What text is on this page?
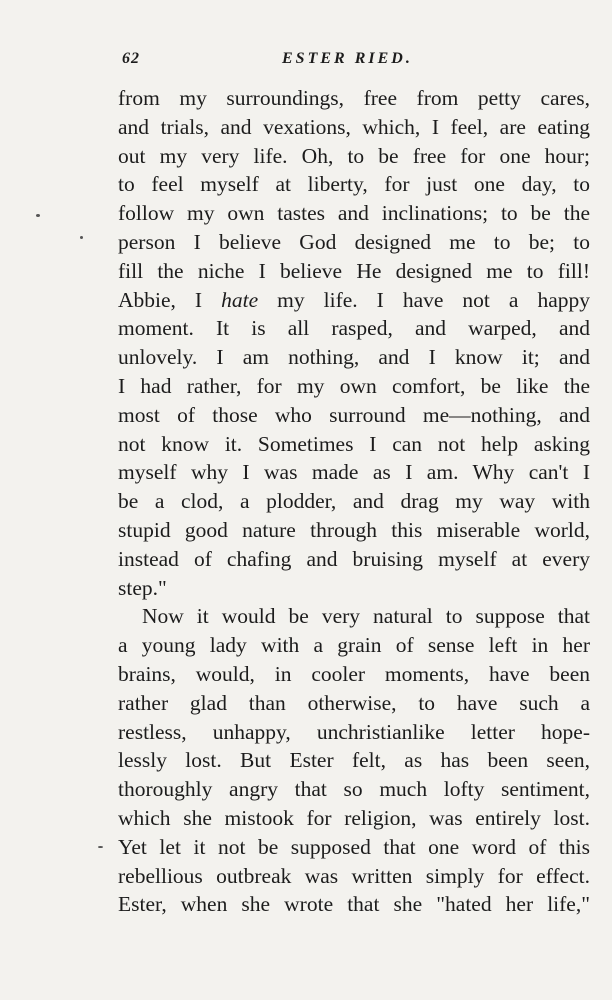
62	ESTER RIED.
from my surroundings, free from petty cares,
and trials, and vexations, which, I feel, are eating
out my very life. Oh, to be free for one hour;
to feel myself at liberty, for just one day, to
follow my own tastes and inclinations; to be the
person I believe God designed me to be; to
fill the niche I believe He designed me to fill!
Abbie, I hate my life. I have not a happy
moment. It is all rasped, and warped, and
unlovely. I am nothing, and I know it; and
I had rather, for my own comfort, be like the
most of those who surround me—nothing, and
not know it. Sometimes I can not help asking
myself why I was made as I am. Why can't I
be a clod, a plodder, and drag my way with
stupid good nature through this miserable world,
instead of chafing and bruising myself at every
step."
Now it would be very natural to suppose that
a young lady with a grain of sense left in her
brains, would, in cooler moments, have been
rather glad than otherwise, to have such a
restless, unhappy, unchristianlike letter hope-
lessly lost. But Ester felt, as has been seen,
thoroughly angry that so much lofty sentiment,
which she mistook for religion, was entirely lost.
Yet let it not be supposed that one word of this
rebellious outbreak was written simply for effect.
Ester, when she wrote that she "hated her life,"
